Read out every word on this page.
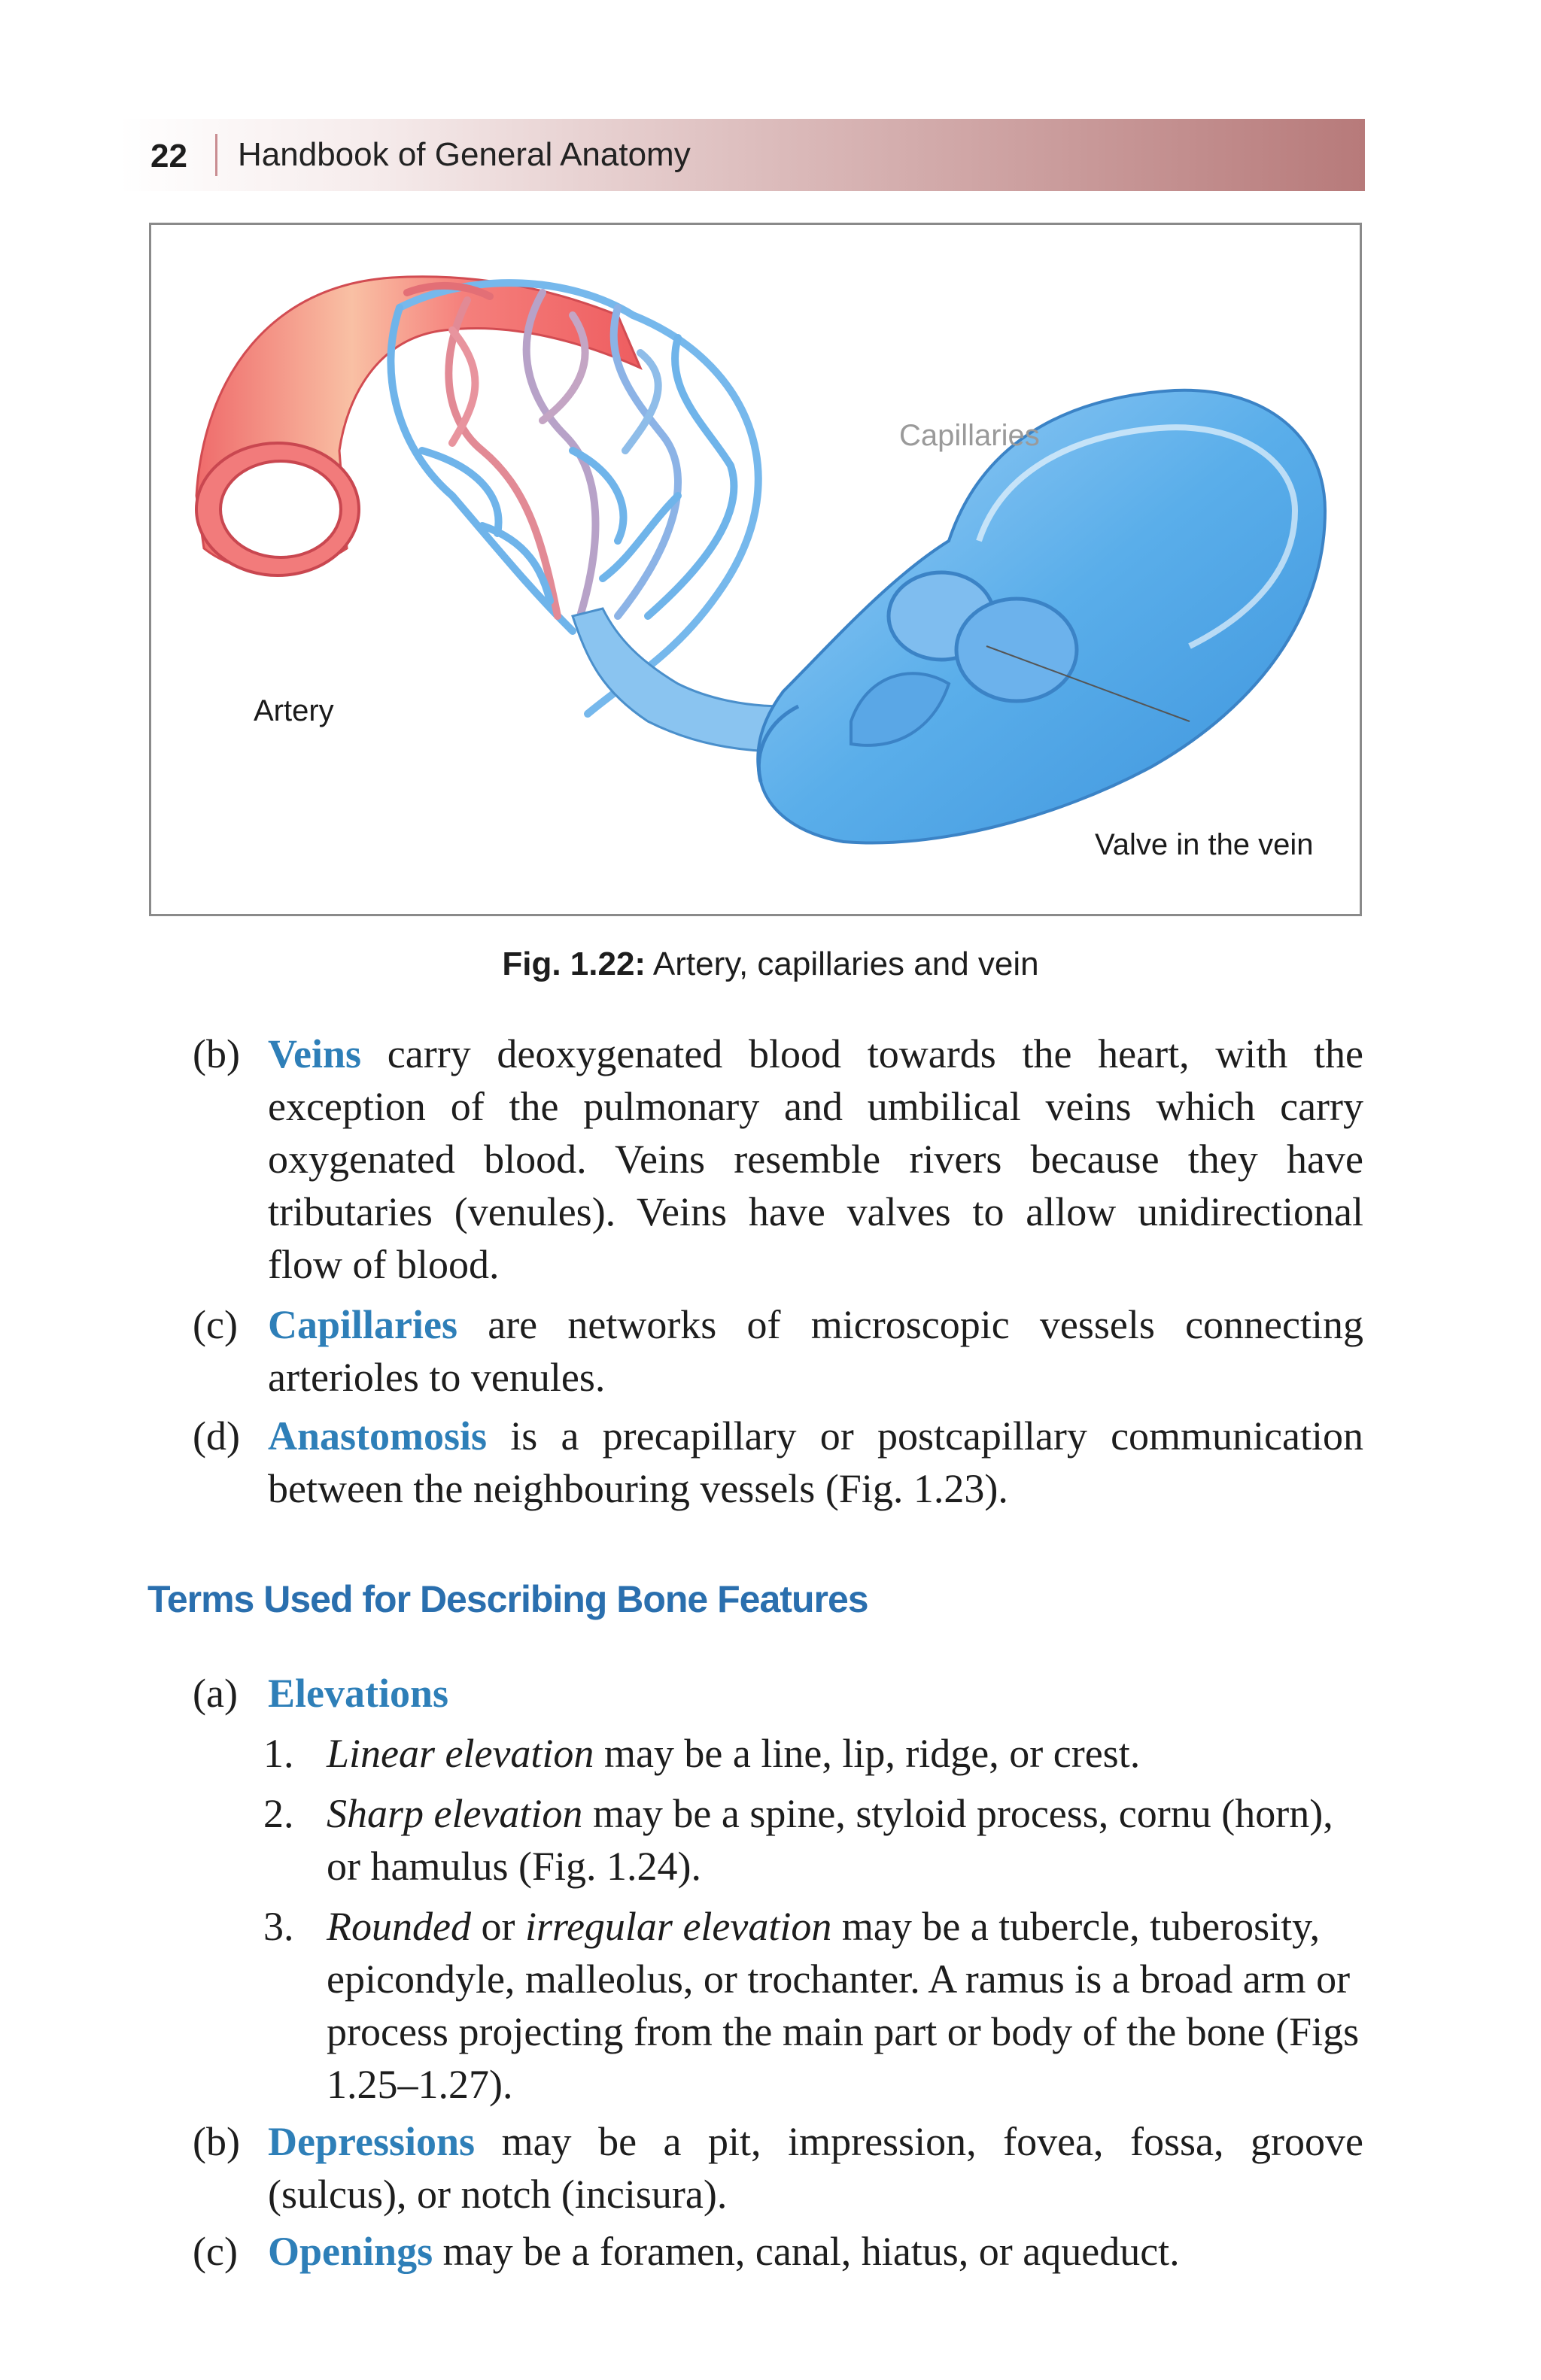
22 Handbook of General Anatomy
Capillaries
Artery
Valve in the vein
Fig. 1.22: Artery, capillaries and vein
(b) Veins carry deoxygenated blood towards the heart, with the exception of the pulmonary and umbilical veins which carry oxygenated blood. Veins resemble rivers because they have tributaries (venules). Veins have valves to allow unidirectional flow of blood.
(c) Capillaries are networks of microscopic vessels connecting arterioles to venules.
(d) Anastomosis is a precapillary or postcapillary communication between the neighbouring vessels (Fig. 1.23).
Terms Used for Describing Bone Features
(a) Elevations
1. Linear elevation may be a line, lip, ridge, or crest.
2. Sharp elevation may be a spine, styloid process, cornu (horn), or hamulus (Fig. 1.24).
3. Rounded or irregular elevation may be a tubercle, tuberosity, epicondyle, malleolus, or trochanter. A ramus is a broad arm or process projecting from the main part or body of the bone (Figs 1.25–1.27).
(b) Depressions may be a pit, impression, fovea, fossa, groove (sulcus), or notch (incisura).
(c) Openings may be a foramen, canal, hiatus, or aqueduct.
